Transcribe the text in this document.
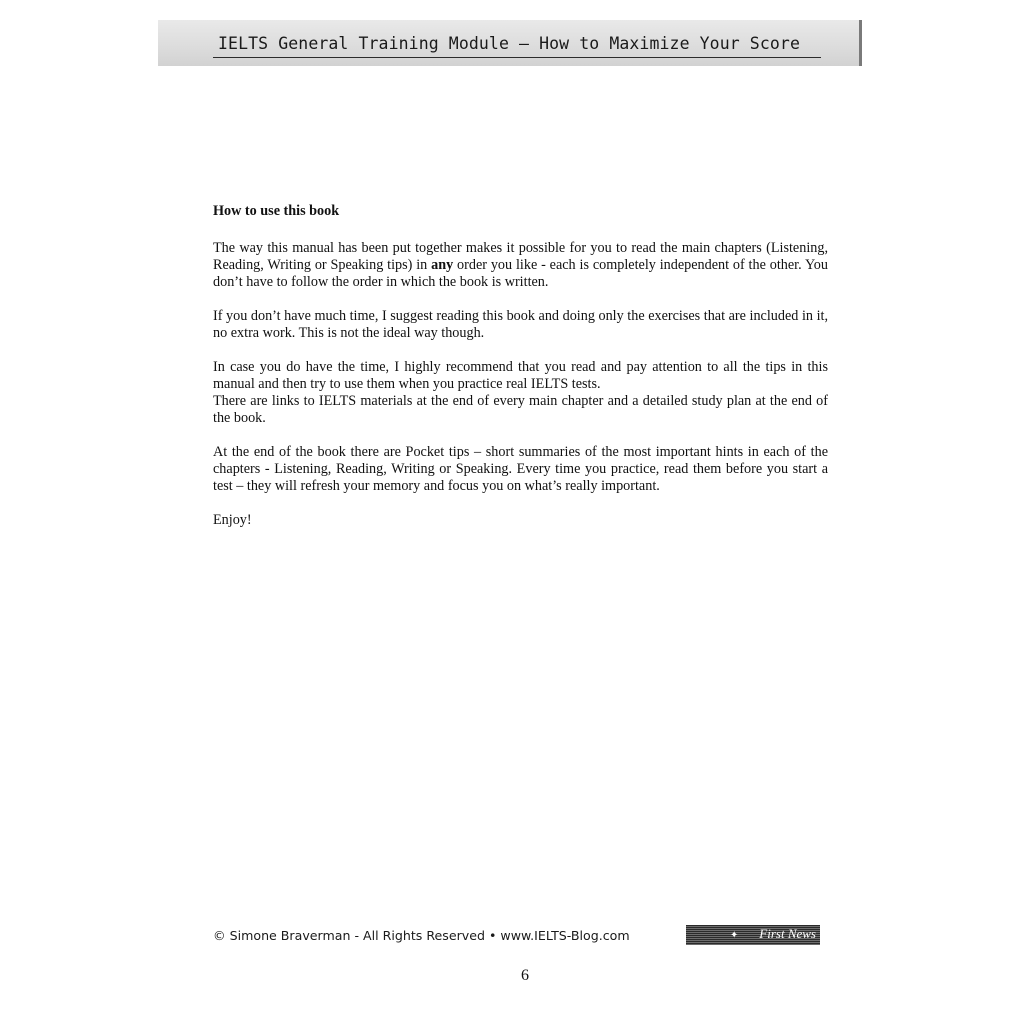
IELTS General Training Module – How to Maximize Your Score
How to use this book

The way this manual has been put together makes it possible for you to read the main chapters (Listening, Reading, Writing or Speaking tips) in any order you like - each is completely independent of the other. You don’t have to follow the order in which the book is written.

If you don’t have much time, I suggest reading this book and doing only the exercises that are included in it, no extra work. This is not the ideal way though.

In case you do have the time, I highly recommend that you read and pay attention to all the tips in this manual and then try to use them when you practice real IELTS tests.

There are links to IELTS materials at the end of every main chapter and a detailed study plan at the end of the book.

At the end of the book there are Pocket tips – short summaries of the most important hints in each of the chapters - Listening, Reading, Writing or Speaking. Every time you practice, read them before you start a test – they will refresh your memory and focus you on what’s really important.

Enjoy!

© Simone Braverman - All Rights Reserved • www.IELTS-Blog.com	✦ First News
6
